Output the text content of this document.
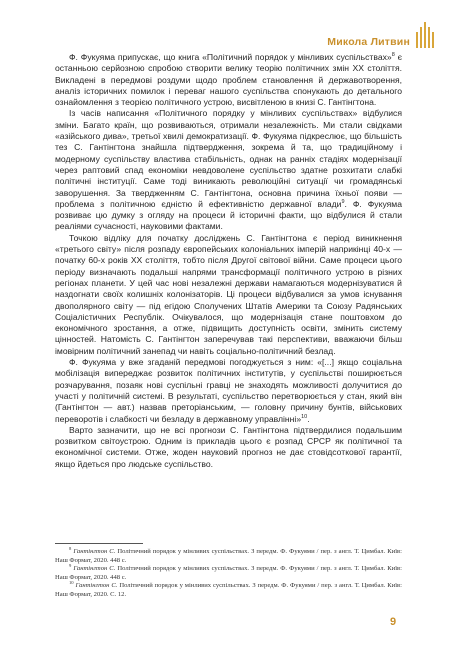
Микола Литвин

Ф. Фукуяма припускає, що книга «Політичний порядок у мінливих суспільствах»$^8$ є останньою серйозною спробою створити велику теорію політичних змін ХХ століття. Викладені в передмові роздуми щодо проблем становлення й державотворення, аналіз історичних помилок і переваг нашого суспільства спонукають до детального ознайомлення з теорією політичного устрою, висвітленою в книзі С. Гантінгтона.

Із часів написання «Політичного порядку у мінливих суспільствах» відбулися зміни. Багато країн, що розвиваються, отримали незалежність. Ми стали свідками «азійського дива», третьої хвилі демократизації. Ф. Фукуяма підкреслює, що більшість тез С. Гантінгтона знайшла підтвердження, зокрема й та, що традиційному і модерному суспільству властива стабільність, однак на ранніх стадіях модернізації через раптовий спад економіки невдоволене суспільство здатне розхитати слабкі політичні інституції. Саме тоді виникають революційні ситуації чи громадянські заворушення. За твердженням С. Гантінгтона, основна причина їхньої появи — проблема з політичною єдністю й ефективністю державної влади$^9$. Ф. Фукуяма розвиває цю думку з огляду на процеси й історичні факти, що відбулися й стали реаліями сучасності, науковими фактами.

Точкою відліку для початку досліджень С. Гантінгтона є період виникнення «третього світу» після розпаду європейських колоніальних імперій наприкінці 40-х — початку 60-х років ХХ століття, тобто після Другої світової війни. Саме процеси цього періоду визначають подальші напрями трансформації політичного устрою в різних регіонах планети. У цей час нові незалежні держави намагаються модернізуватися й наздогнати своїх колишніх колонізаторів. Ці процеси відбувалися за умов існування двополярного світу — під егідою Сполучених Штатів Америки та Союзу Радянських Соціалістичних Республік. Очікувалося, що модернізація стане поштовхом до економічного зростання, а отже, підвищить доступність освіти, змінить систему цінностей. Натомість С. Гантінгтон заперечував такі перспективи, вважаючи більш імовірним політичний занепад чи навіть соціально-політичний безлад.

Ф. Фукуяма у вже згаданій передмові погоджується з ним: «[...] якщо соціальна мобілізація випереджає розвиток політичних інститутів, у суспільстві поширюється розчарування, позаяк нові суспільні гравці не знаходять можливості долучитися до участі у політичній системі. В результаті, суспільство перетворюється у стан, який він (Гантінгтон — авт.) назвав преторіанським, — головну причину бунтів, військових переворотів і слабкості чи безладу в державному управлінні»$^{10}$.

Варто зазначити, що не всі прогнози С. Гантінгтона підтвердилися подальшим розвитком світоустрою. Одним із прикладів цього є розпад СРСР як політичної та економічної системи. Отже, жоден науковий прогноз не дає стовідсоткової гарантії, якщо йдеться про людське суспільство.

$^8$ Гантінгтон С. Політичний порядок у мінливих суспільствах. З передм. Ф. Фукуями / пер. з англ. Т. Цимбал. Київ: Наш Формат, 2020. 448 с.

$^9$ Гантінгтон С. Політичний порядок у мінливих суспільствах. З передм. Ф. Фукуями / пер. з англ. Т. Цимбал. Київ: Наш Формат, 2020. 448 с.

$^{10}$ Гантінгтон С. Політичний порядок у мінливих суспільствах. З передм. Ф. Фукуями / пер. з англ. Т. Цимбал. Київ: Наш Формат, 2020. С. 12.

9
